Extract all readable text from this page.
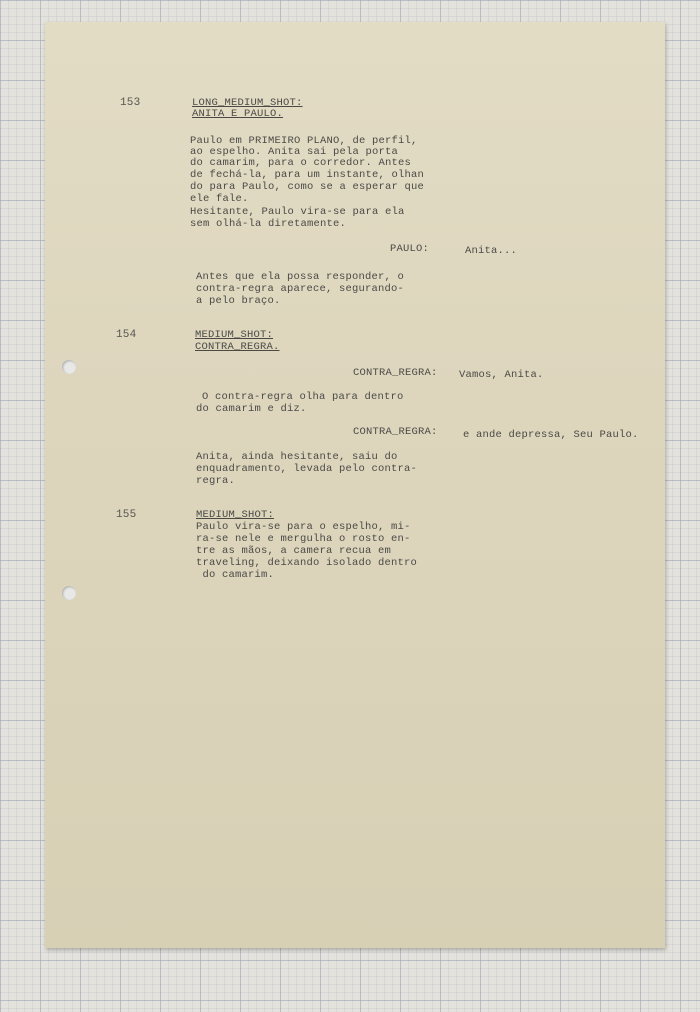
153	LONG_MEDIUM_SHOT:
ANITA E PAULO.
Paulo em PRIMEIRO PLANO, de perfil,
ao espelho. Anita sai pela porta
do camarim, para o corredor. Antes
de fechá-la, para um instante, olhan
do para Paulo, como se a esperar que
ele fale.
Hesitante, Paulo vira-se para ela
sem olhá-la diretamente.
PAULO:	Anita...
Antes que ela possa responder, o
contra-regra aparece, segurando-
a pelo braço.
154	MEDIUM_SHOT:
CONTRA_REGRA.
CONTRA_REGRA: Vamos, Anita.
O contra-regra olha para dentro
do camarim e diz.
CONTRA_REGRA: e ande depressa, Seu Paulo.
Anita, ainda hesitante, saiu do
enquadramento, levada pelo contra-
regra.
155	MEDIUM_SHOT:
Paulo vira-se para o espelho, mi-
ra-se nele e mergulha o rosto en-
tre as mãos, a camera recua em
traveling, deixando isolado dentro
do camarim.
